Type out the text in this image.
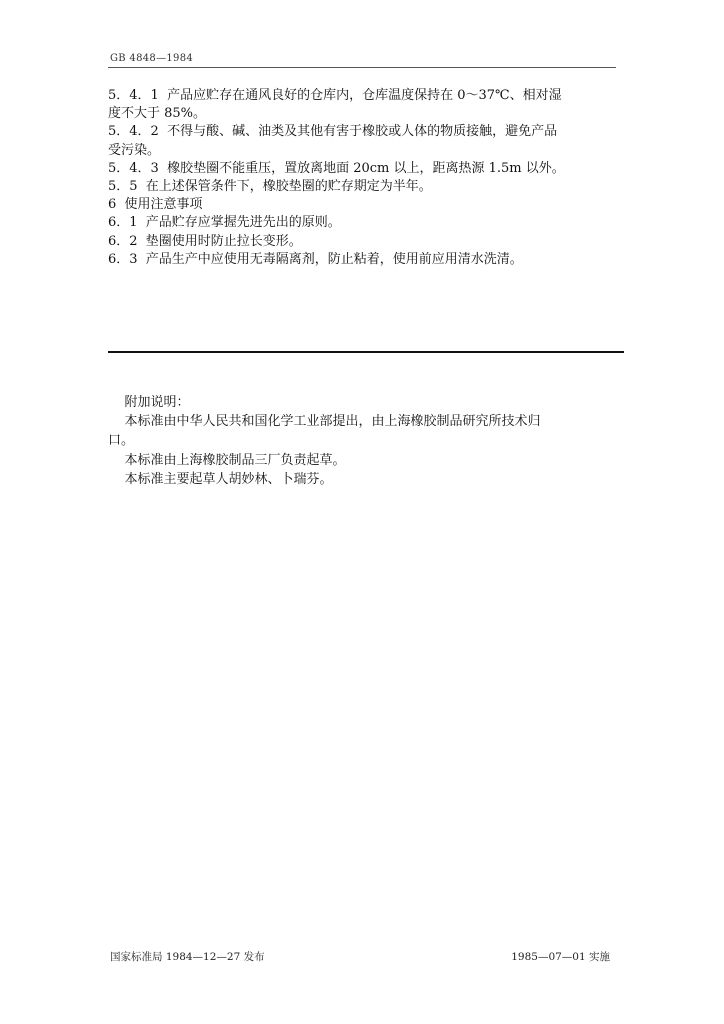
GB 4848—1984
5．4．1  产品应贮存在通风良好的仓库内，仓库温度保持在 0～37℃、相对湿
度不大于 85%。
5．4．2  不得与酸、碱、油类及其他有害于橡胶或人体的物质接触，避免产品
受污染。
5．4．3  橡胶垫圈不能重压，置放离地面 20cm 以上，距离热源 1.5m 以外。
5．5  在上述保管条件下，橡胶垫圈的贮存期定为半年。
6  使用注意事项
6．1  产品贮存应掌握先进先出的原则。
6．2  垫圈使用时防止拉长变形。
6．3  产品生产中应使用无毒隔离剂，防止粘着，使用前应用清水洗清。
附加说明：
本标准由中华人民共和国化学工业部提出，由上海橡胶制品研究所技术归
口。
本标准由上海橡胶制品三厂负责起草。
本标准主要起草人胡妙林、卜瑞芬。
国家标准局 1984—12—27 发布	1985—07—01 实施
